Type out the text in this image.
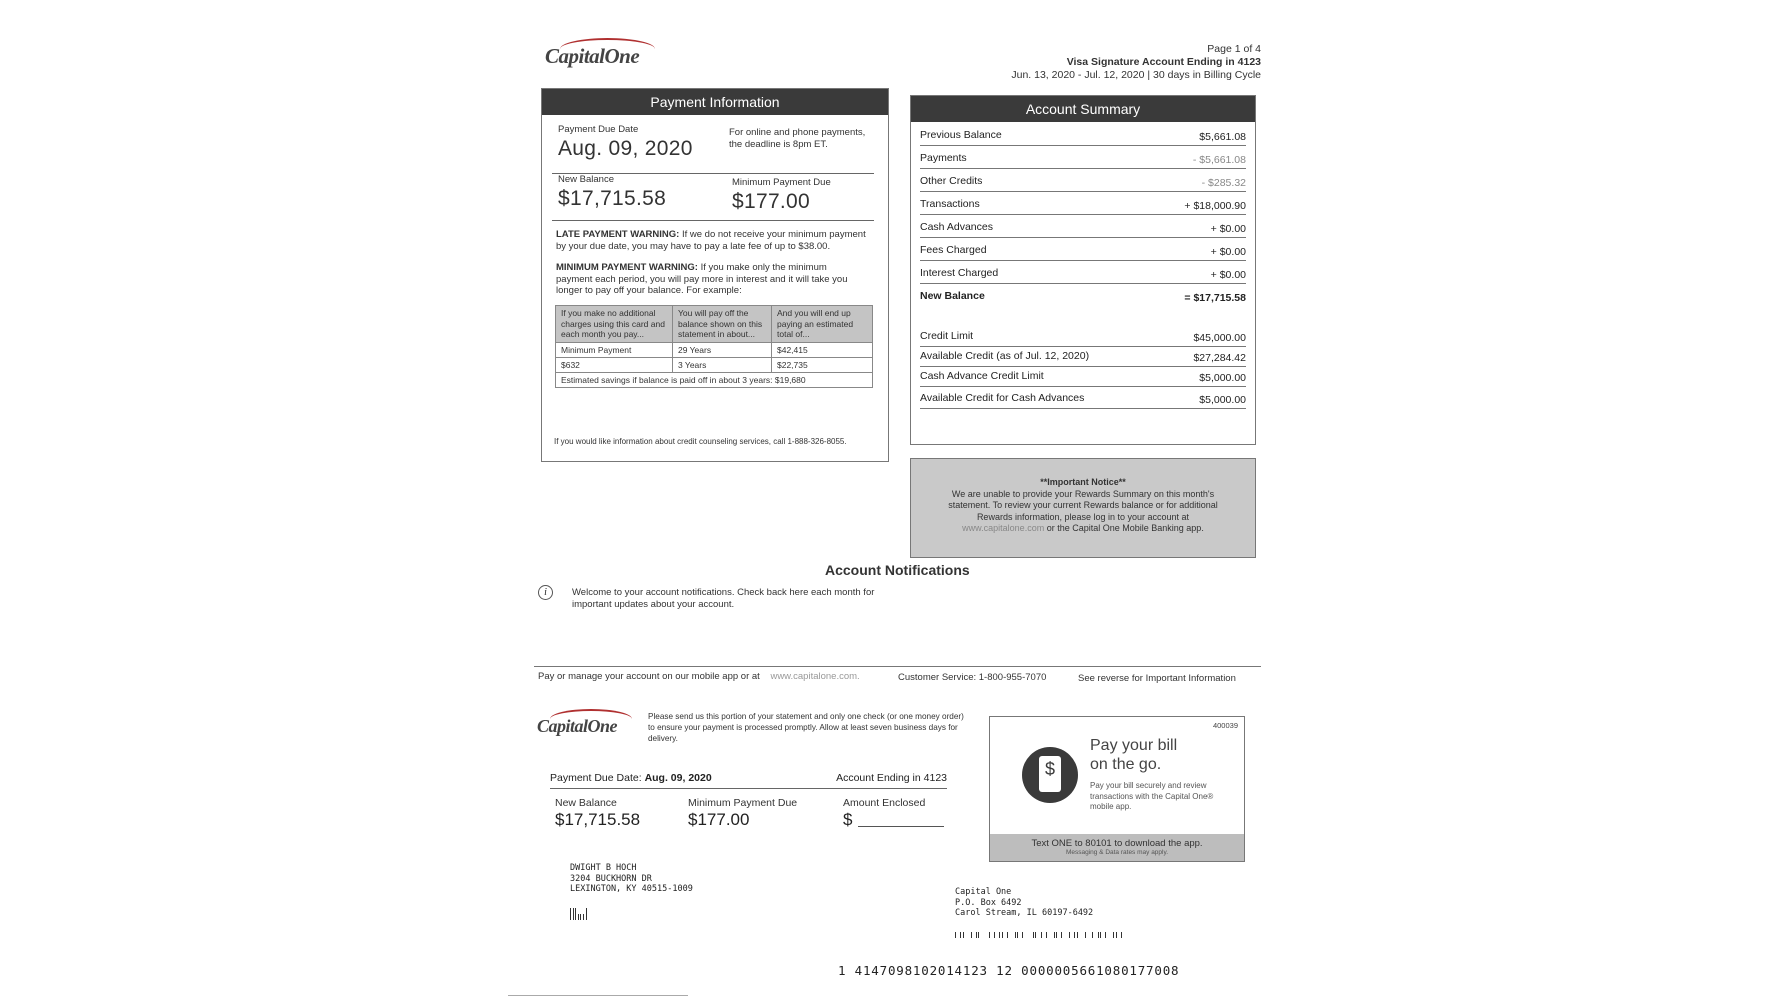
CapitalOne	Page 1 of 4
Visa Signature Account Ending in 4123
Jun. 13, 2020 - Jul. 12, 2020 | 30 days in Billing Cycle
Payment Information
Payment Due Date
Aug. 09, 2020
For online and phone payments, the deadline is 8pm ET.
New Balance
$17,715.58
Minimum Payment Due
$177.00
LATE PAYMENT WARNING: If we do not receive your minimum payment by your due date, you may have to pay a late fee of up to $38.00.
MINIMUM PAYMENT WARNING: If you make only the minimum payment each period, you will pay more in interest and it will take you longer to pay off your balance. For example:
If you make no additional charges using this card and each month you pay...	You will pay off the balance shown on this statement in about...	And you will end up paying an estimated total of...
Minimum Payment	29 Years	$42,415
$632	3 Years	$22,735
Estimated savings if balance is paid off in about 3 years: $19,680		
If you would like information about credit counseling services, call 1-888-326-8055.
Account Summary
Previous Balance	$5,661.08
Payments	- $5,661.08
Other Credits	- $285.32
Transactions	+ $18,000.90
Cash Advances	+ $0.00
Fees Charged	+ $0.00
Interest Charged	+ $0.00
New Balance	= $17,715.58
Credit Limit	$45,000.00
Available Credit (as of Jul. 12, 2020)	$27,284.42
Cash Advance Credit Limit	$5,000.00
Available Credit for Cash Advances	$5,000.00
**Important Notice**
We are unable to provide your Rewards Summary on this month's statement. To review your current Rewards balance or for additional Rewards information, please log in to your account at www.capitalone.com or the Capital One Mobile Banking app.
Account Notifications
i	Welcome to your account notifications. Check back here each month for important updates about your account.
Pay or manage your account on our mobile app or at www.capitalone.com.	Customer Service: 1-800-955-7070	See reverse for Important Information
CapitalOne	Please send us this portion of your statement and only one check (or one money order) to ensure your payment is processed promptly. Allow at least seven business days for delivery.
Payment Due Date: Aug. 09, 2020	Account Ending in 4123
New Balance
$17,715.58
Minimum Payment Due
$177.00
Amount Enclosed
$
DWIGHT B HOCH
3204 BUCKHORN DR
LEXINGTON, KY 40515-1009	Capital One
P.O. Box 6492
Carol Stream, IL 60197-6492
1 4147098102014123 12 0000005661080177008
400039
$
Pay your bill
on the go.
Pay your bill securely and review transactions with the Capital One® mobile app.
Text ONE to 80101 to download the app.
Messaging & Data rates may apply.
